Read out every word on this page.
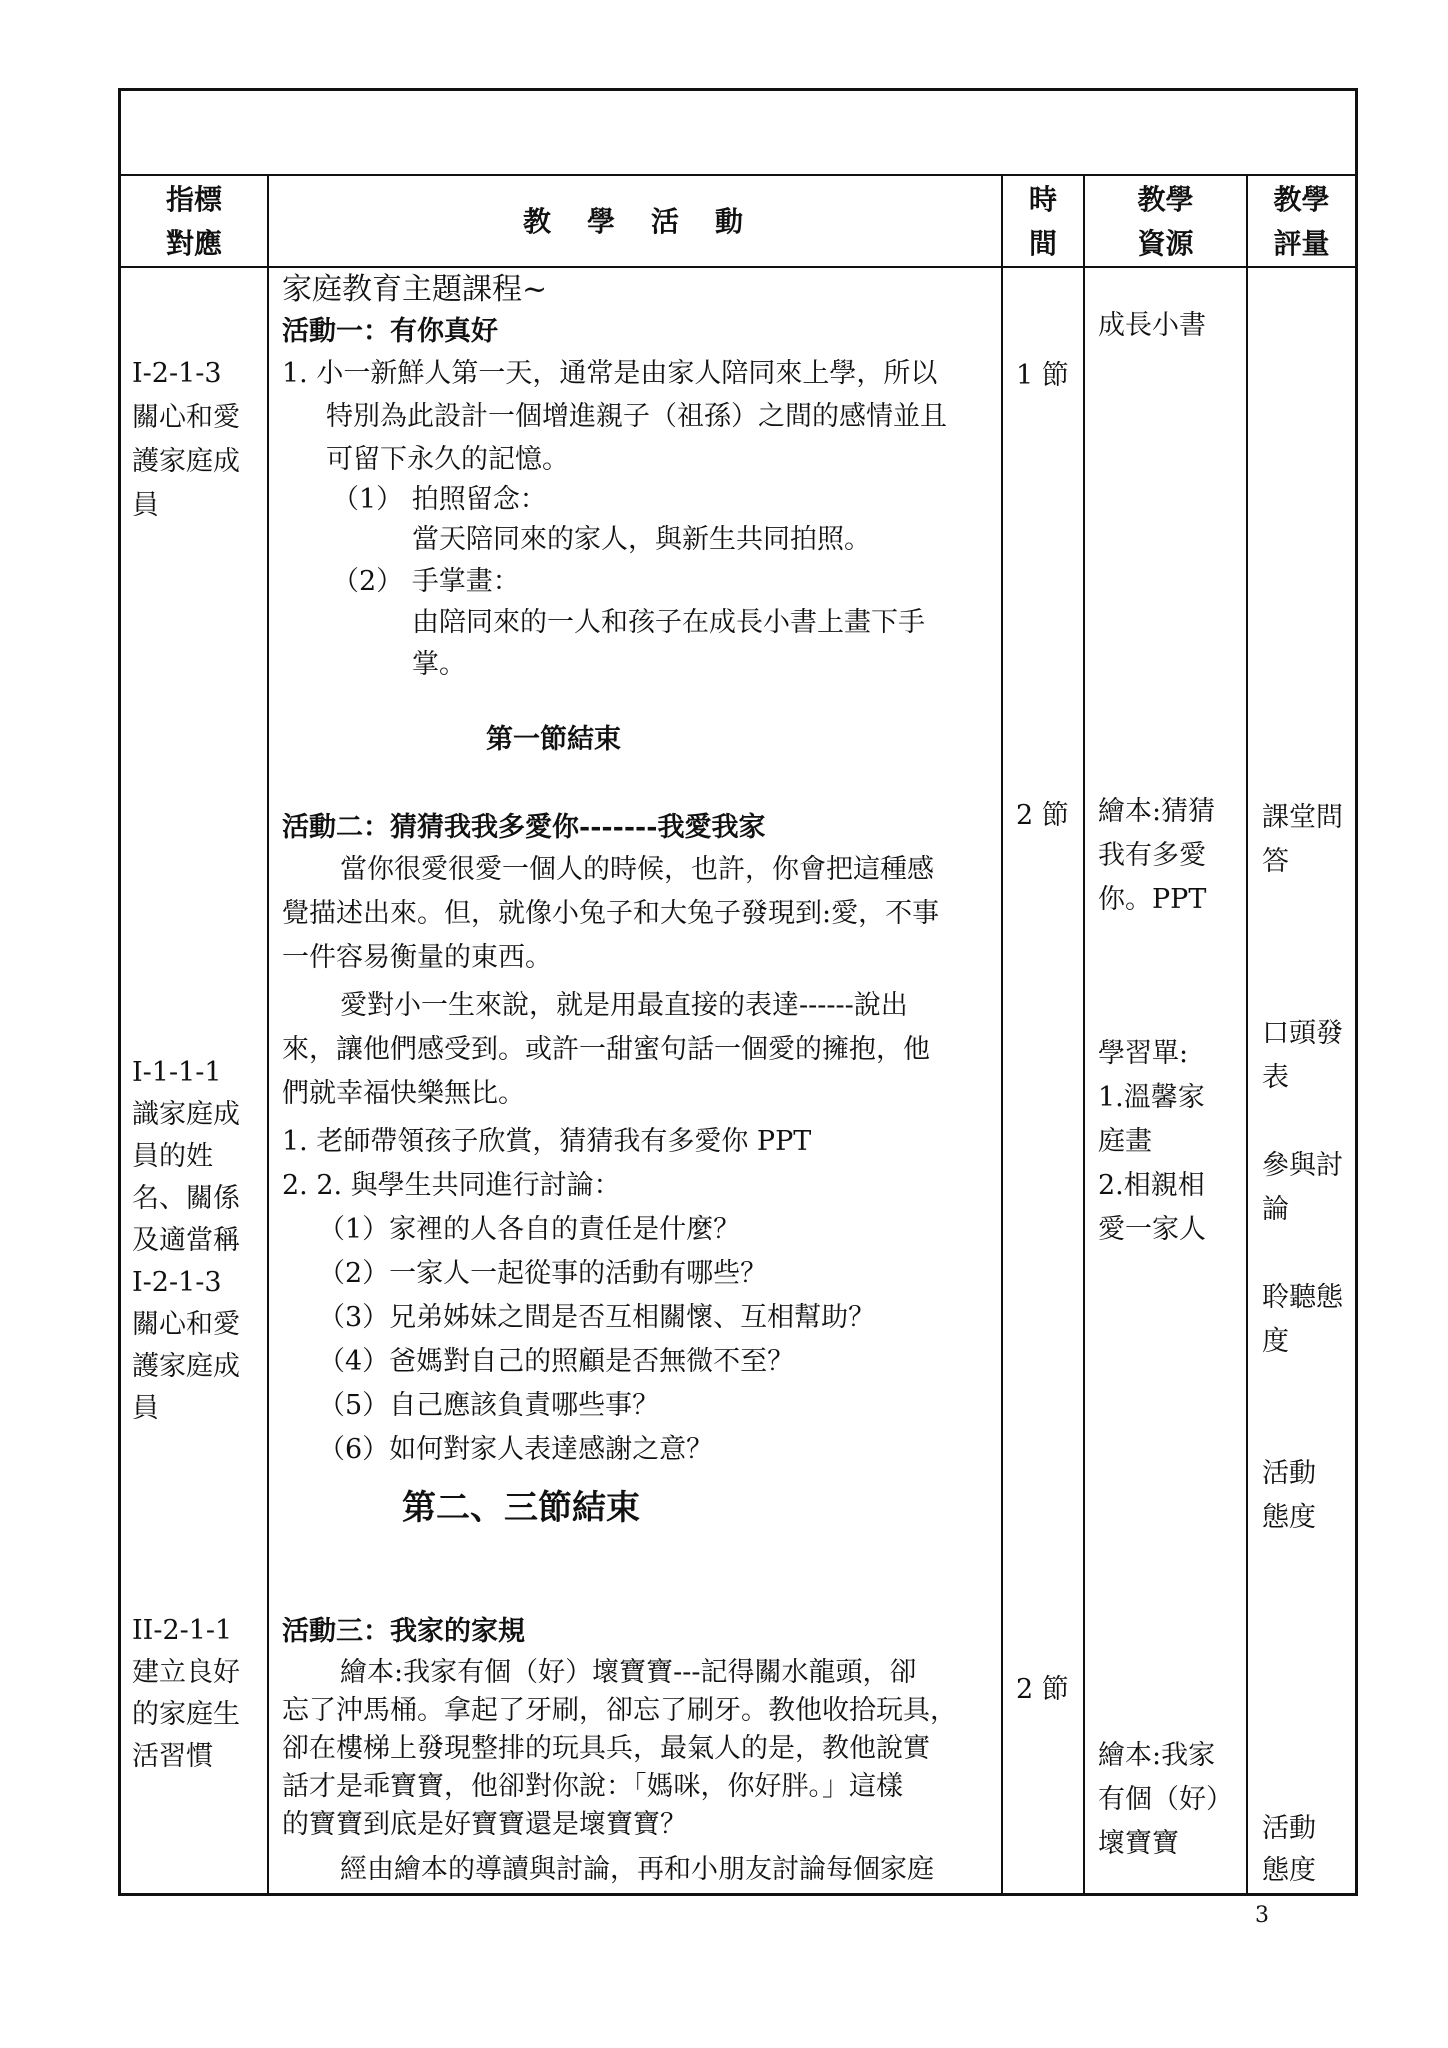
指標
對應
教　學　活　動
時
間
教學
資源
教學
評量
I-2-1-3
關心和愛
護家庭成
員
I-1-1-1
識家庭成
員的姓
名、關係
及適當稱
I-2-1-3
關心和愛
護家庭成
員
II-2-1-1
建立良好
的家庭生
活習慣
家庭教育主題課程~
活動一：有你真好
1. 小一新鮮人第一天，通常是由家人陪同來上學，所以
特別為此設計一個增進親子（祖孫）之間的感情並且
可留下永久的記憶。
（1） 拍照留念：
當天陪同來的家人，與新生共同拍照。
（2） 手掌畫：
由陪同來的一人和孩子在成長小書上畫下手
掌。
第一節結束
活動二：猜猜我我多愛你-------我愛我家
當你很愛很愛一個人的時候，也許，你會把這種感
覺描述出來。但，就像小兔子和大兔子發現到:愛，不事
一件容易衡量的東西。
愛對小一生來說，就是用最直接的表達------說出
來，讓他們感受到。或許一甜蜜句話一個愛的擁抱，他
們就幸福快樂無比。
1. 老師帶領孩子欣賞，猜猜我有多愛你 PPT
2. 2. 與學生共同進行討論：
（1）家裡的人各自的責任是什麼？
（2）一家人一起從事的活動有哪些？
（3）兄弟姊妹之間是否互相關懷、互相幫助？
（4）爸媽對自己的照顧是否無微不至？
（5）自己應該負責哪些事？
（6）如何對家人表達感謝之意？
第二、三節結束
活動三：我家的家規
繪本:我家有個（好）壞寶寶---記得關水龍頭，卻
忘了沖馬桶。拿起了牙刷，卻忘了刷牙。教他收拾玩具，
卻在樓梯上發現整排的玩具兵，最氣人的是，教他說實
話才是乖寶寶，他卻對你說：「媽咪，你好胖。」這樣
的寶寶到底是好寶寶還是壞寶寶？
經由繪本的導讀與討論，再和小朋友討論每個家庭
1 節
2 節
2 節
成長小書
繪本:猜猜
我有多愛
你。PPT
學習單:
1.溫馨家
庭畫
2.相親相
愛一家人
繪本:我家
有個（好）
壞寶寶
課堂問
答
口頭發
表
參與討
論
聆聽態
度
活動
態度
活動
態度
3
